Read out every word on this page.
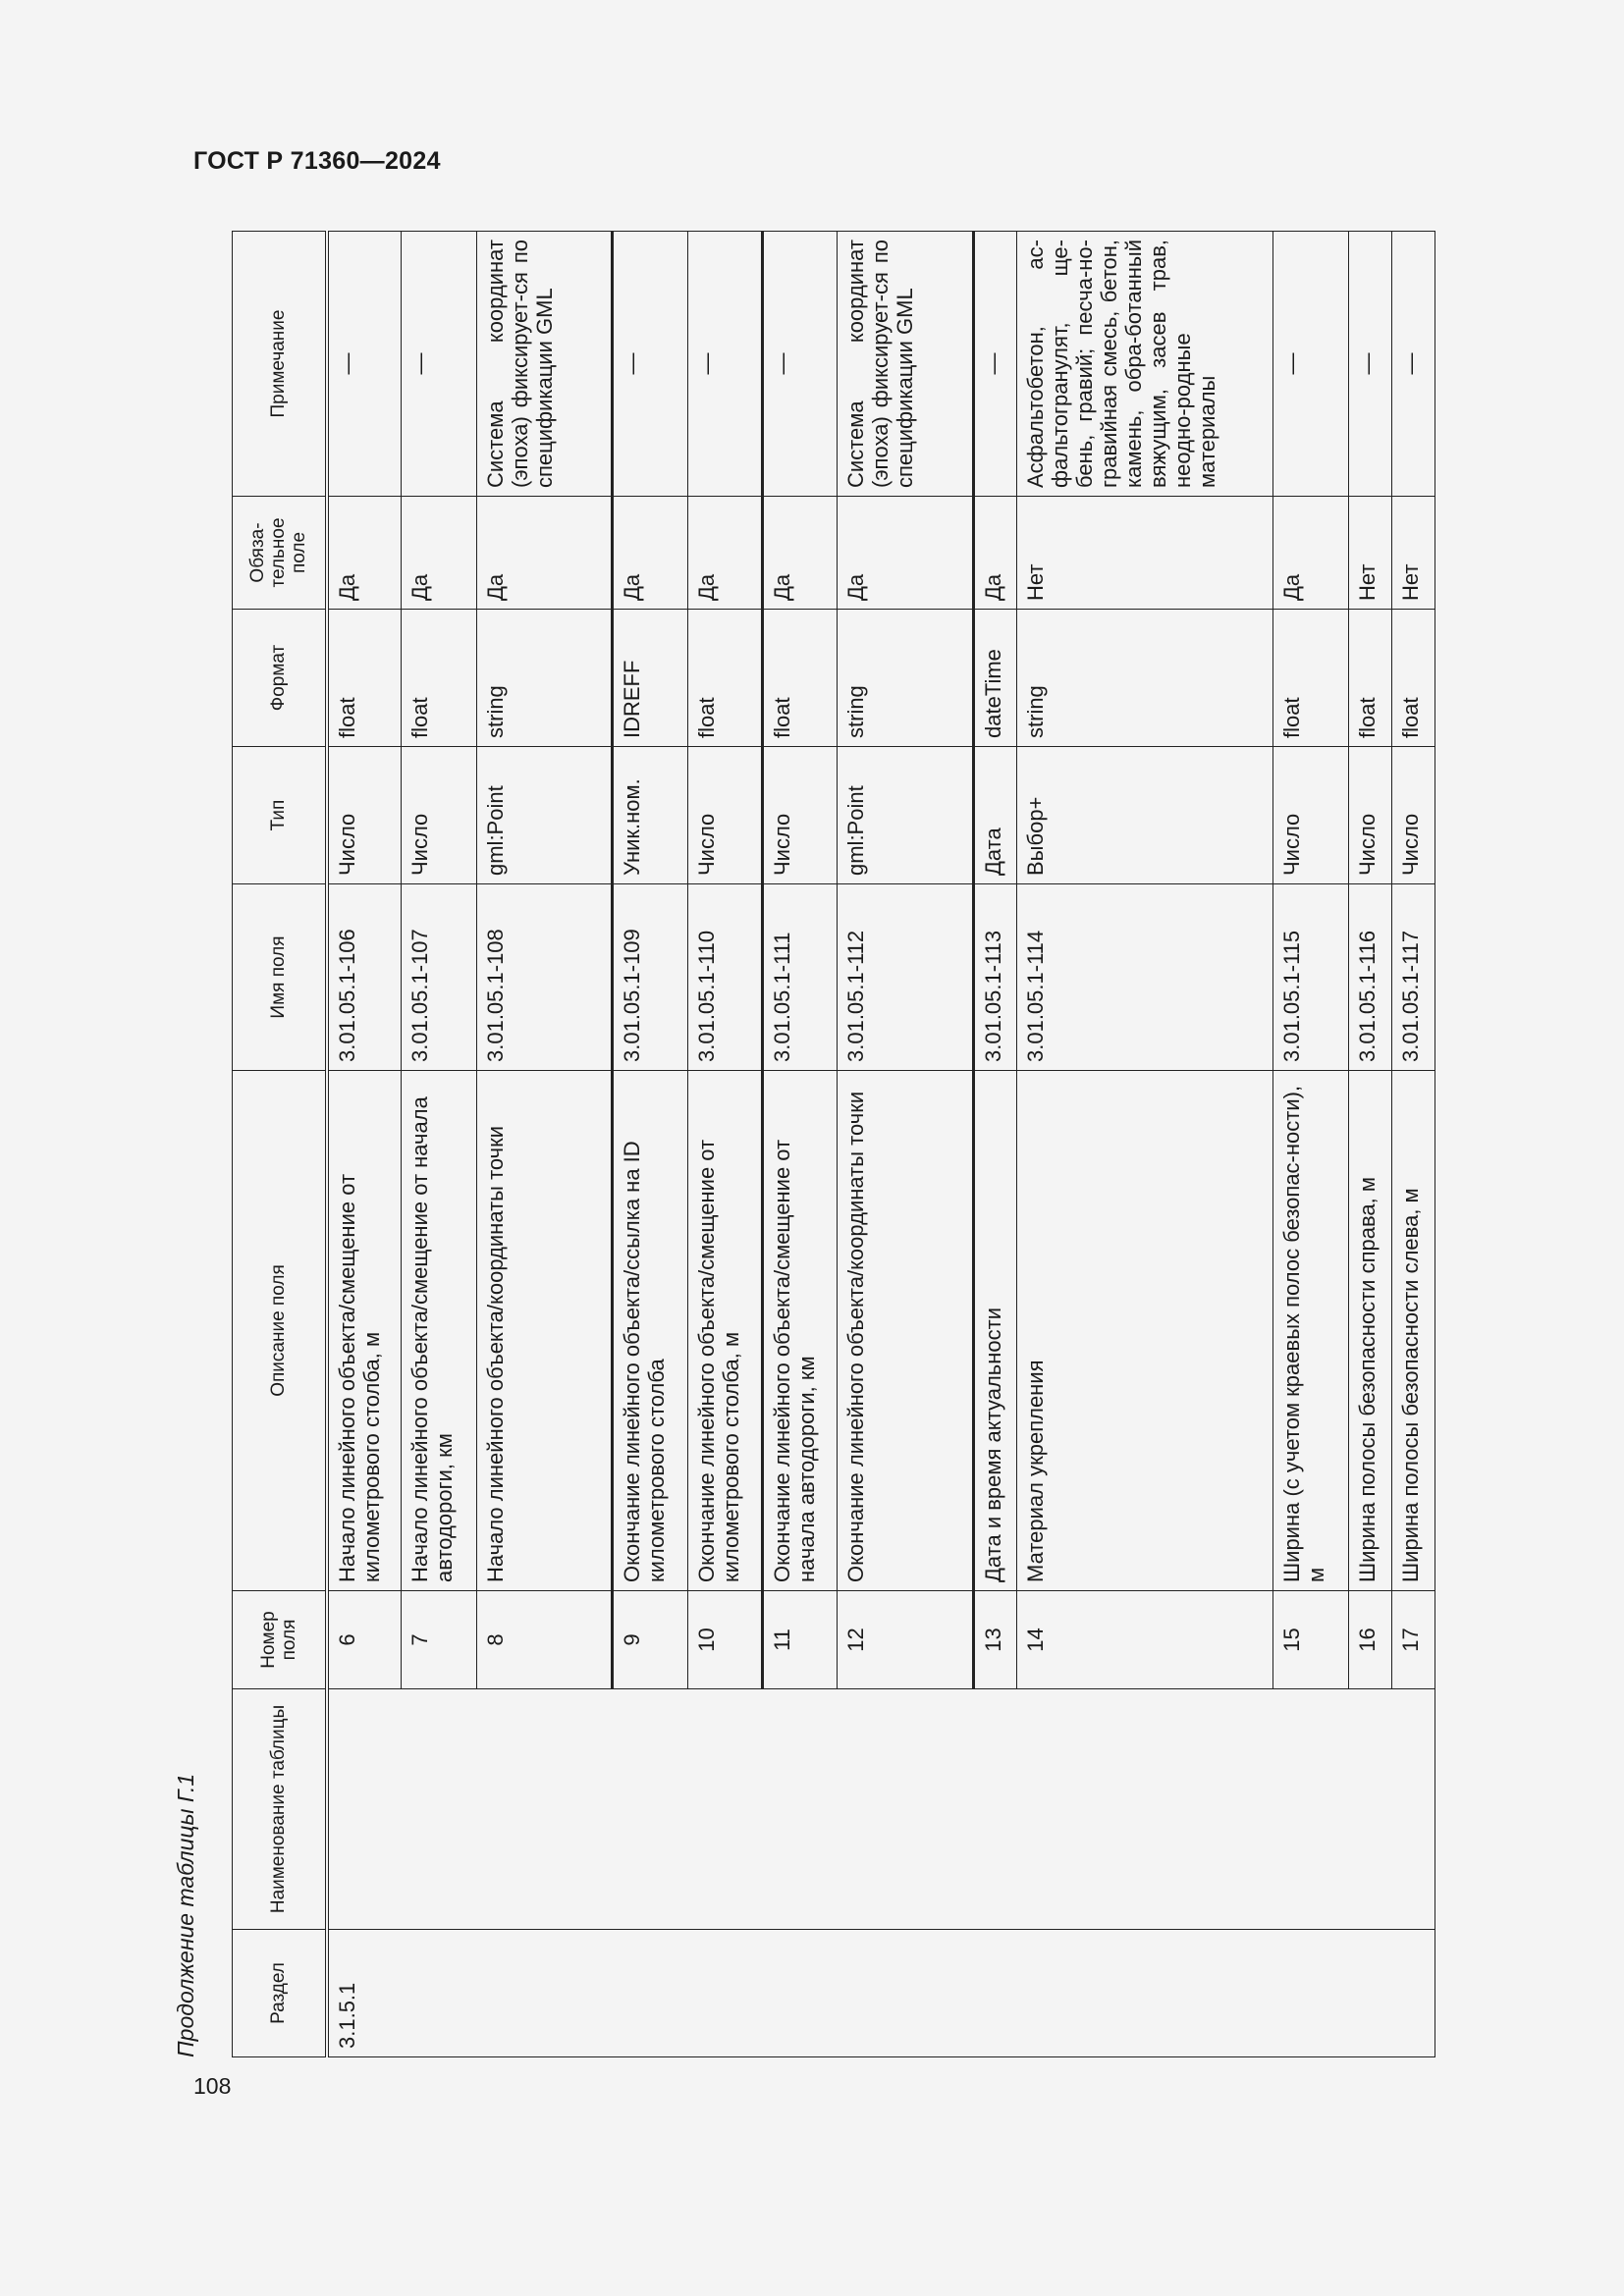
ГОСТ Р 71360—2024
Продолжение таблицы Г.1	Раздел	Наименование таблицы	Номер поля	Описание поля	Имя поля	Тип	Формат	Обяза-тельное поле	Примечание
3.1.5.1		6	Начало линейного объекта/смещение от километрового столба, м	3.01.05.1-106	Число	float	Да	—
		7	Начало линейного объекта/смещение от начала автодороги, км	3.01.05.1-107	Число	float	Да	—
		8	Начало линейного объекта/координаты точки	3.01.05.1-108	gml:Point	string	Да	Система координат (эпоха) фиксирует-ся по спецификации GML
		9	Окончание линейного объекта/ссылка на ID километрового столба	3.01.05.1-109	Уник.ном.	IDREFF	Да	—
		10	Окончание линейного объекта/смещение от километрового столба, м	3.01.05.1-110	Число	float	Да	—
		11	Окончание линейного объекта/смещение от начала автодороги, км	3.01.05.1-111	Число	float	Да	—
		12	Окончание линейного объекта/координаты точки	3.01.05.1-112	gml:Point	string	Да	Система координат (эпоха) фиксирует-ся по спецификации GML
		13	Дата и время актуальности	3.01.05.1-113	Дата	dateTime	Да	—
		14	Материал укрепления	3.01.05.1-114	Выбор+	string	Нет	Асфальтобетон, ас-фальтогранулят, ще-бень, гравий; песча-но-гравийная смесь, бетон, камень, обра-ботанный вяжущим, засев трав, неодно-родные материалы
		15	Ширина (с учетом краевых полос безопас-ности), м	3.01.05.1-115	Число	float	Да	—
		16	Ширина полосы безопасности справа, м	3.01.05.1-116	Число	float	Нет	—
		17	Ширина полосы безопасности слева, м	3.01.05.1-117	Число	float	Нет	—
108
